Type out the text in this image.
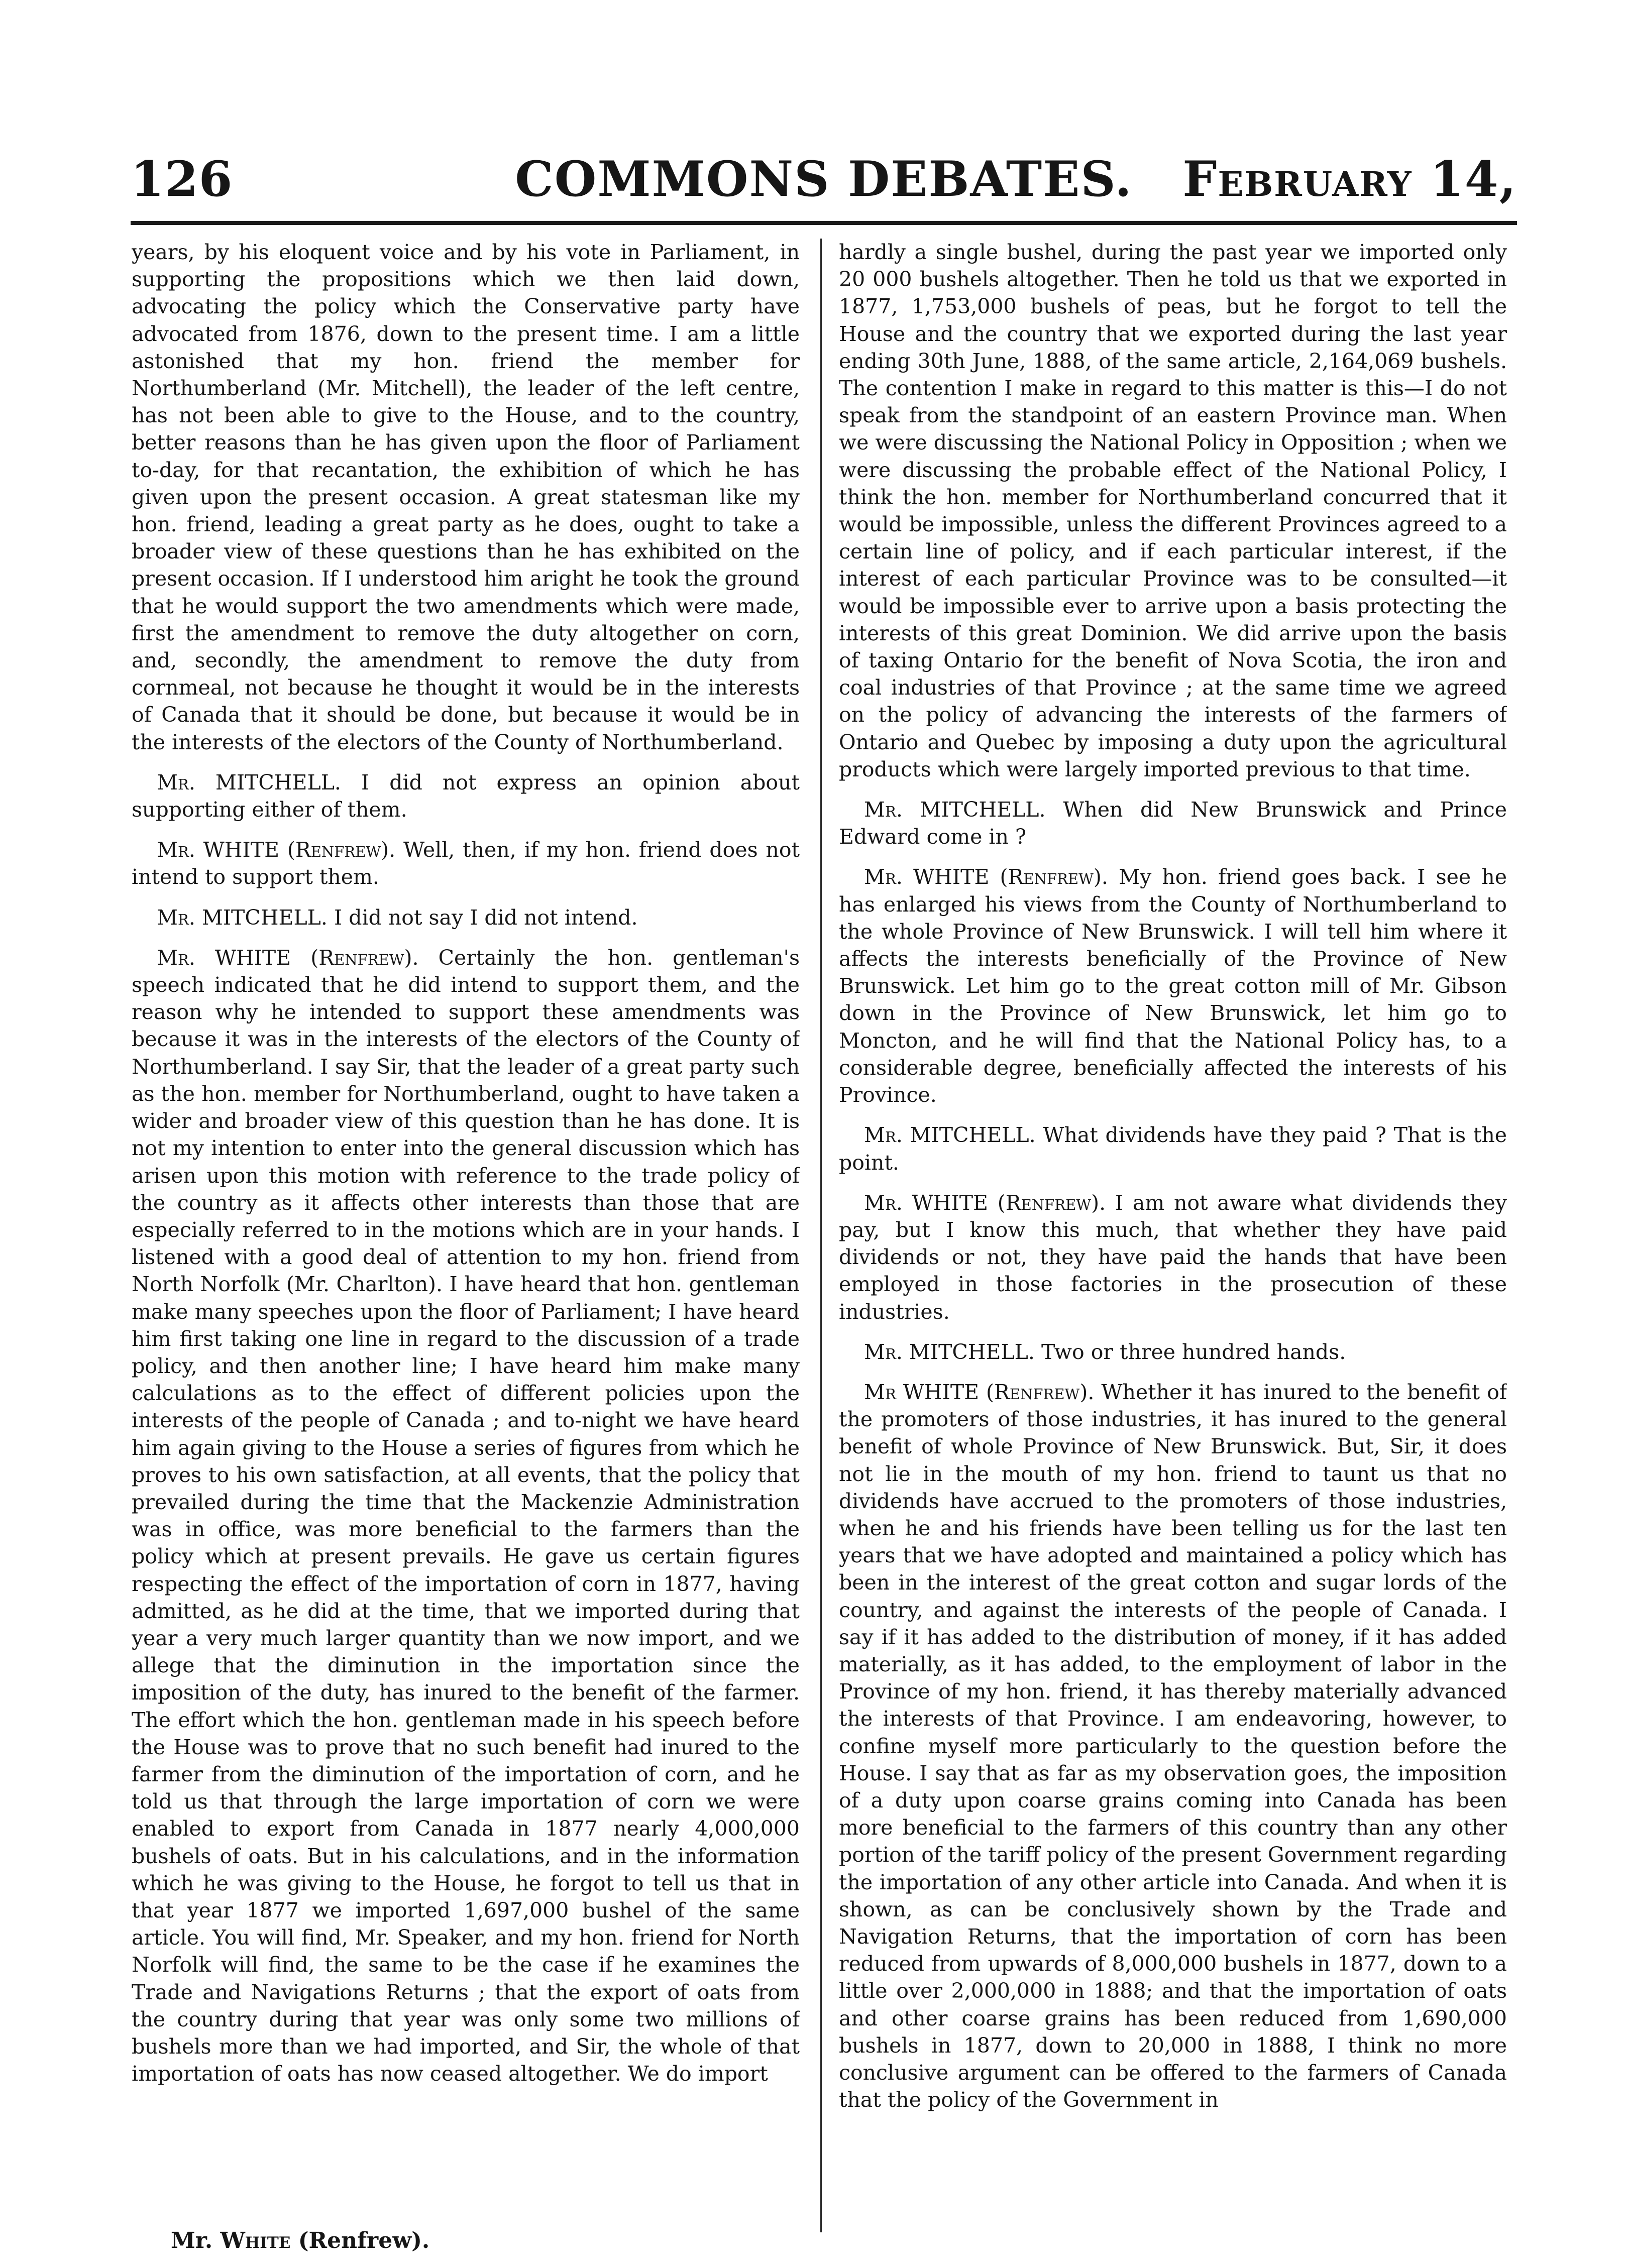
COMMONS DEBATES.
126	February 14,

years, by his eloquent voice and by his vote in Parliament, in supporting the propositions which we then laid down, advocating the policy which the Conservative party have advocated from 1876, down to the present time. I am a little astonished that my hon. friend the member for Northumberland (Mr. Mitchell), the leader of the left centre, has not been able to give to the House, and to the country, better reasons than he has given upon the floor of Parliament to-day, for that recantation, the exhibition of which he has given upon the present occasion. A great statesman like my hon. friend, leading a great party as he does, ought to take a broader view of these questions than he has exhibited on the present occasion. If I understood him aright he took the ground that he would support the two amendments which were made, first the amendment to remove the duty altogether on corn, and, secondly, the amendment to remove the duty from cornmeal, not because he thought it would be in the interests of Canada that it should be done, but because it would be in the interests of the electors of the County of Northumberland.

Mr. MITCHELL. I did not express an opinion about supporting either of them.

Mr. WHITE (Renfrew). Well, then, if my hon. friend does not intend to support them.

Mr. MITCHELL. I did not say I did not intend.

Mr. WHITE (Renfrew). Certainly the hon. gentleman's speech indicated that he did intend to support them, and the reason why he intended to support these amendments was because it was in the interests of the electors of the County of Northumberland. I say Sir, that the leader of a great party such as the hon. member for Northumberland, ought to have taken a wider and broader view of this question than he has done. It is not my intention to enter into the general discussion which has arisen upon this motion with reference to the trade policy of the country as it affects other interests than those that are especially referred to in the motions which are in your hands. I listened with a good deal of attention to my hon. friend from North Norfolk (Mr. Charlton). I have heard that hon. gentleman make many speeches upon the floor of Parliament; I have heard him first taking one line in regard to the discussion of a trade policy, and then another line; I have heard him make many calculations as to the effect of different policies upon the interests of the people of Canada ; and to-night we have heard him again giving to the House a series of figures from which he proves to his own satisfaction, at all events, that the policy that prevailed during the time that the Mackenzie Administration was in office, was more beneficial to the farmers than the policy which at present prevails. He gave us certain figures respecting the effect of the importation of corn in 1877, having admitted, as he did at the time, that we imported during that year a very much larger quantity than we now import, and we allege that the diminution in the importation since the imposition of the duty, has inured to the benefit of the farmer. The effort which the hon. gentleman made in his speech before the House was to prove that no such benefit had inured to the farmer from the diminution of the importation of corn, and he told us that through the large importation of corn we were enabled to export from Canada in 1877 nearly 4,000,000 bushels of oats. But in his calculations, and in the information which he was giving to the House, he forgot to tell us that in that year 1877 we imported 1,697,000 bushel of the same article. You will find, Mr. Speaker, and my hon. friend for North Norfolk will find, the same to be the case if he examines the Trade and Navigations Returns ; that the export of oats from the country during that year was only some two millions of bushels more than we had imported, and Sir, the whole of that importation of oats has now ceased altogether. We do import

hardly a single bushel, during the past year we imported only 20 000 bushels altogether. Then he told us that we exported in 1877, 1,753,000 bushels of peas, but he forgot to tell the House and the country that we exported during the last year ending 30th June, 1888, of the same article, 2,164,069 bushels. The contention I make in regard to this matter is this—I do not speak from the standpoint of an eastern Province man. When we were discussing the National Policy in Opposition ; when we were discussing the probable effect of the National Policy, I think the hon. member for Northumberland concurred that it would be impossible, unless the different Provinces agreed to a certain line of policy, and if each particular interest, if the interest of each particular Province was to be consulted—it would be impossible ever to arrive upon a basis protecting the interests of this great Dominion. We did arrive upon the basis of taxing Ontario for the benefit of Nova Scotia, the iron and coal industries of that Province ; at the same time we agreed on the policy of advancing the interests of the farmers of Ontario and Quebec by imposing a duty upon the agricultural products which were largely imported previous to that time.

Mr. MITCHELL. When did New Brunswick and Prince Edward come in ?

Mr. WHITE (Renfrew). My hon. friend goes back. I see he has enlarged his views from the County of Northumberland to the whole Province of New Brunswick. I will tell him where it affects the interests beneficially of the Province of New Brunswick. Let him go to the great cotton mill of Mr. Gibson down in the Province of New Brunswick, let him go to Moncton, and he will find that the National Policy has, to a considerable degree, beneficially affected the interests of his Province.

Mr. MITCHELL. What dividends have they paid ? That is the point.

Mr. WHITE (Renfrew). I am not aware what dividends they pay, but I know this much, that whether they have paid dividends or not, they have paid the hands that have been employed in those factories in the prosecution of these industries.

Mr. MITCHELL. Two or three hundred hands.

Mr WHITE (Renfrew). Whether it has inured to the benefit of the promoters of those industries, it has inured to the general benefit of whole Province of New Brunswick. But, Sir, it does not lie in the mouth of my hon. friend to taunt us that no dividends have accrued to the promoters of those industries, when he and his friends have been telling us for the last ten years that we have adopted and maintained a policy which has been in the interest of the great cotton and sugar lords of the country, and against the interests of the people of Canada. I say if it has added to the distribution of money, if it has added materially, as it has added, to the employment of labor in the Province of my hon. friend, it has thereby materially advanced the interests of that Province. I am endeavoring, however, to confine myself more particularly to the question before the House. I say that as far as my observation goes, the imposition of a duty upon coarse grains coming into Canada has been more beneficial to the farmers of this country than any other portion of the tariff policy of the present Government regarding the importation of any other article into Canada. And when it is shown, as can be conclusively shown by the Trade and Navigation Returns, that the importation of corn has been reduced from upwards of 8,000,000 bushels in 1877, down to a little over 2,000,000 in 1888; and that the importation of oats and other coarse grains has been reduced from 1,690,000 bushels in 1877, down to 20,000 in 1888, I think no more conclusive argument can be offered to the farmers of Canada that the policy of the Government in

Mr. White (Renfrew).
